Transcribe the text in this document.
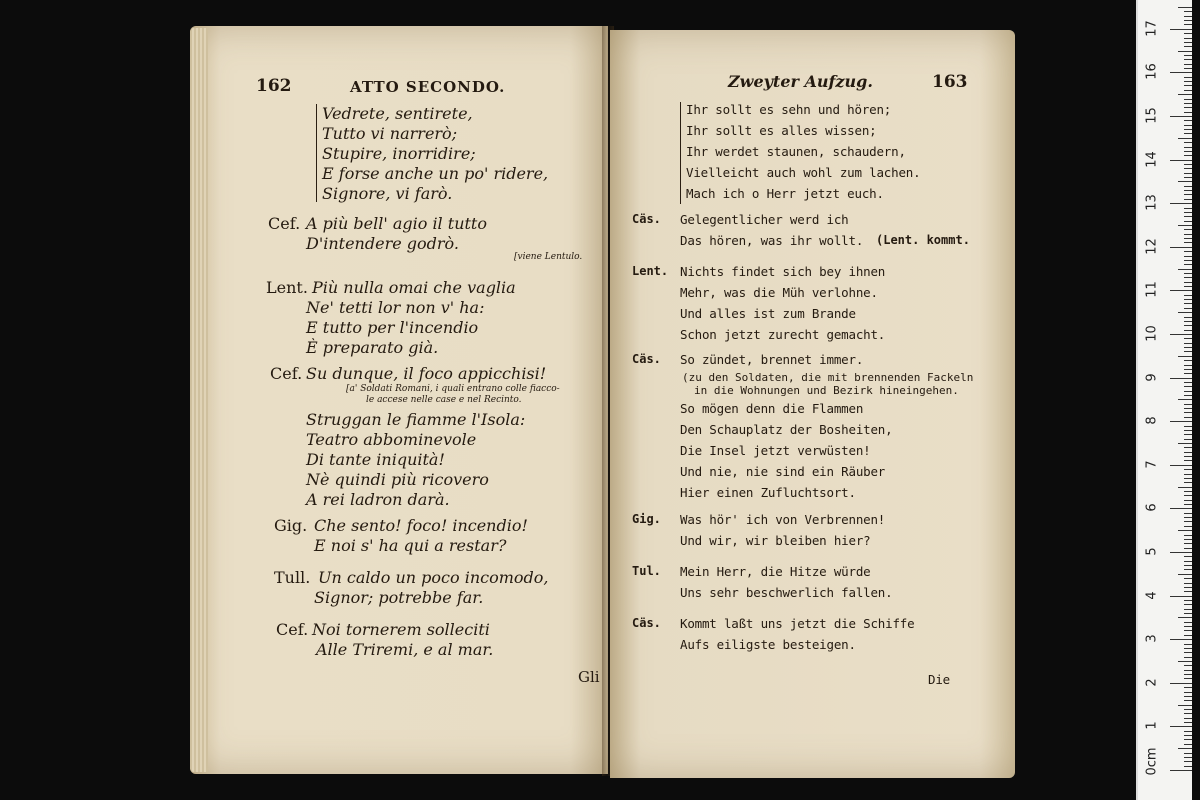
162	ATTO SECONDO.
Vedrete, sentirete,
Tutto vi narrerò;
Stupire, inorridire;
E forse anche un po' ridere,
Signore, vi farò.
Cef. A più bell' agio il tutto
D'intendere godrò.
[viene Lentulo.
Lent. Più nulla omai che vaglia
Ne' tetti lor non v' ha:
E tutto per l'incendio
È preparato già.
Cef. Su dunque, il foco appicchisi!
[a' Soldati Romani, i quali entrano colle fiacco-
le accese nelle case e nel Recinto.
Struggan le fiamme l'Isola:
Teatro abbominevole
Di tante iniquità!
Nè quindi più ricovero
A rei ladron darà.
Gig. Che sento! foco! incendio!
E noi s' ha qui a restar?
Tull. Un caldo un poco incomodo,
Signor; potrebbe far.
Cef. Noi tornerem solleciti
Alle Triremi, e al mar.
Gli
Zweyter Aufzug.	163
Ihr sollt es sehn und hören;
Ihr sollt es alles wissen;
Ihr werdet staunen, schaudern,
Vielleicht auch wohl zum lachen.
Mach ich o Herr jetzt euch.
Cäs. Gelegentlicher werd ich
Das hören, was ihr wollt. (Lent. kommt.
Lent. Nichts findet sich bey ihnen
Mehr, was die Müh verlohne.
Und alles ist zum Brande
Schon jetzt zurecht gemacht.
Cäs. So zündet, brennet immer.
(zu den Soldaten, die mit brennenden Fackeln
in die Wohnungen und Bezirk hineingehen.
So mögen denn die Flammen
Den Schauplatz der Bosheiten,
Die Insel jetzt verwüsten!
Und nie, nie sind ein Räuber
Hier einen Zufluchtsort.
Gig. Was hör' ich von Verbrennen!
Und wir, wir bleiben hier?
Tul. Mein Herr, die Hitze würde
Uns sehr beschwerlich fallen.
Cäs. Kommt laßt uns jetzt die Schiffe
Aufs eiligste besteigen.
Die
0cm
1
2
3
4
5
6
7
8
9
10
11
12
13
14
15
16
17
